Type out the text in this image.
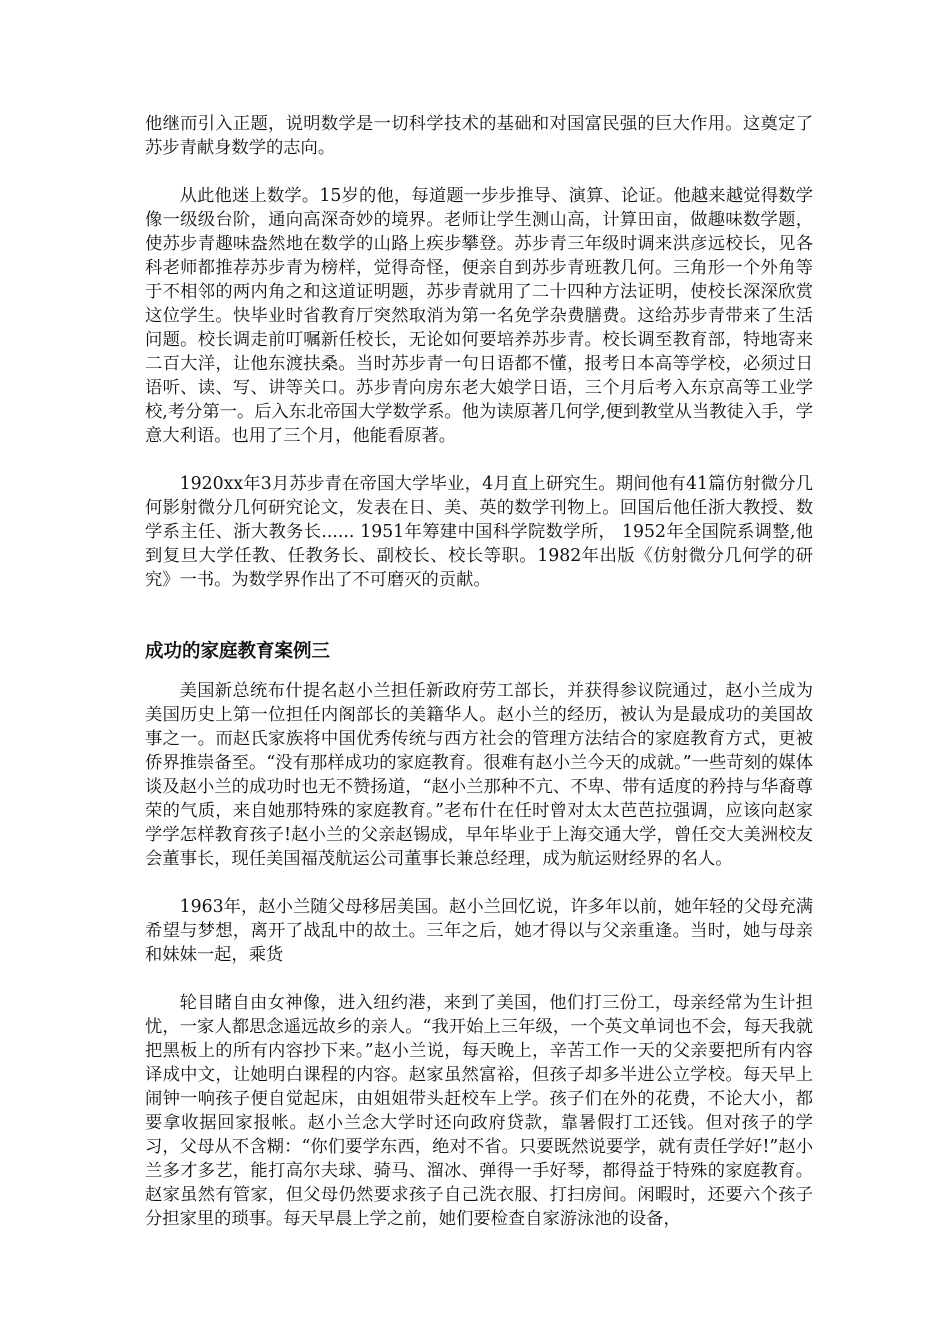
他继而引入正题，说明数学是一切科学技术的基础和对国富民强的巨大作用。这奠定了苏步青献身数学的志向。

从此他迷上数学。15岁的他，每道题一步步推导、演算、论证。他越来越觉得数学像一级级台阶，通向高深奇妙的境界。老师让学生测山高，计算田亩，做趣味数学题，使苏步青趣味盎然地在数学的山路上疾步攀登。苏步青三年级时调来洪彦远校长，见各科老师都推荐苏步青为榜样，觉得奇怪，便亲自到苏步青班教几何。三角形一个外角等于不相邻的两内角之和这道证明题，苏步青就用了二十四种方法证明，使校长深深欣赏这位学生。快毕业时省教育厅突然取消为第一名免学杂费膳费。这给苏步青带来了生活问题。校长调走前叮嘱新任校长，无论如何要培养苏步青。校长调至教育部，特地寄来二百大洋，让他东渡扶桑。当时苏步青一句日语都不懂，报考日本高等学校，必须过日语听、读、写、讲等关口。苏步青向房东老大娘学日语，三个月后考入东京高等工业学校,考分第一。后入东北帝国大学数学系。他为读原著几何学,便到教堂从当教徒入手，学意大利语。也用了三个月，他能看原著。

1920xx年3月苏步青在帝国大学毕业，4月直上研究生。期间他有41篇仿射微分几何影射微分几何研究论文，发表在日、美、英的数学刊物上。回国后他任浙大教授、数学系主任、浙大教务长...... 1951年筹建中国科学院数学所， 1952年全国院系调整,他到复旦大学任教、任教务长、副校长、校长等职。1982年出版《仿射微分几何学的研究》一书。为数学界作出了不可磨灭的贡献。

成功的家庭教育案例三

美国新总统布什提名赵小兰担任新政府劳工部长，并获得参议院通过，赵小兰成为美国历史上第一位担任内阁部长的美籍华人。赵小兰的经历，被认为是最成功的美国故事之一。而赵氏家族将中国优秀传统与西方社会的管理方法结合的家庭教育方式，更被侨界推崇备至。“没有那样成功的家庭教育。很难有赵小兰今天的成就。”一些苛刻的媒体谈及赵小兰的成功时也无不赞扬道，“赵小兰那种不亢、不卑、带有适度的矜持与华裔尊荣的气质，来自她那特殊的家庭教育。”老布什在任时曾对太太芭芭拉强调，应该向赵家学学怎样教育孩子!赵小兰的父亲赵锡成，早年毕业于上海交通大学，曾任交大美洲校友会董事长，现任美国福茂航运公司董事长兼总经理，成为航运财经界的名人。

1963年，赵小兰随父母移居美国。赵小兰回忆说，许多年以前，她年轻的父母充满希望与梦想，离开了战乱中的故土。三年之后，她才得以与父亲重逢。当时，她与母亲和妹妹一起，乘货

轮目睹自由女神像，进入纽约港，来到了美国，他们打三份工，母亲经常为生计担忧，一家人都思念遥远故乡的亲人。“我开始上三年级，一个英文单词也不会，每天我就把黑板上的所有内容抄下来。”赵小兰说，每天晚上，辛苦工作一天的父亲要把所有内容译成中文，让她明白课程的内容。赵家虽然富裕，但孩子却多半进公立学校。每天早上闹钟一响孩子便自觉起床，由姐姐带头赶校车上学。孩子们在外的花费，不论大小，都要拿收据回家报帐。赵小兰念大学时还向政府贷款，靠暑假打工还钱。但对孩子的学习，父母从不含糊：“你们要学东西，绝对不省。只要既然说要学，就有责任学好!”赵小兰多才多艺，能打高尔夫球、骑马、溜冰、弹得一手好琴，都得益于特殊的家庭教育。赵家虽然有管家，但父母仍然要求孩子自己洗衣服、打扫房间。闲暇时，还要六个孩子分担家里的琐事。每天早晨上学之前，她们要检查自家游泳池的设备，
